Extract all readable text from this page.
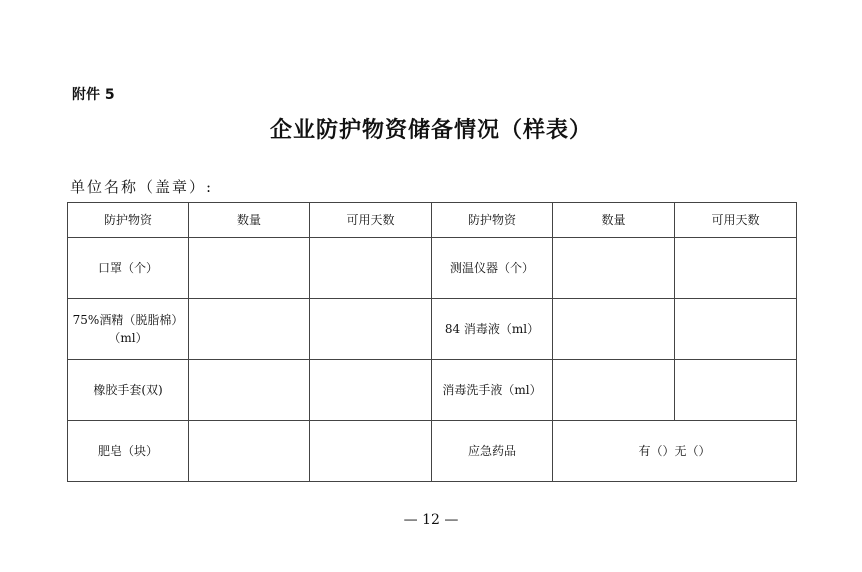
附件 5
企业防护物资储备情况（样表）
单位名称（盖章）:
防护物资	数量	可用天数	防护物资	数量	可用天数
口罩（个）			测温仪器（个）		
75%酒精（脱脂棉）（ml）			84 消毒液（ml）		
橡胶手套(双)			消毒洗手液（ml）		
肥皂（块）			应急药品	有（）无（）	
— 12 —
